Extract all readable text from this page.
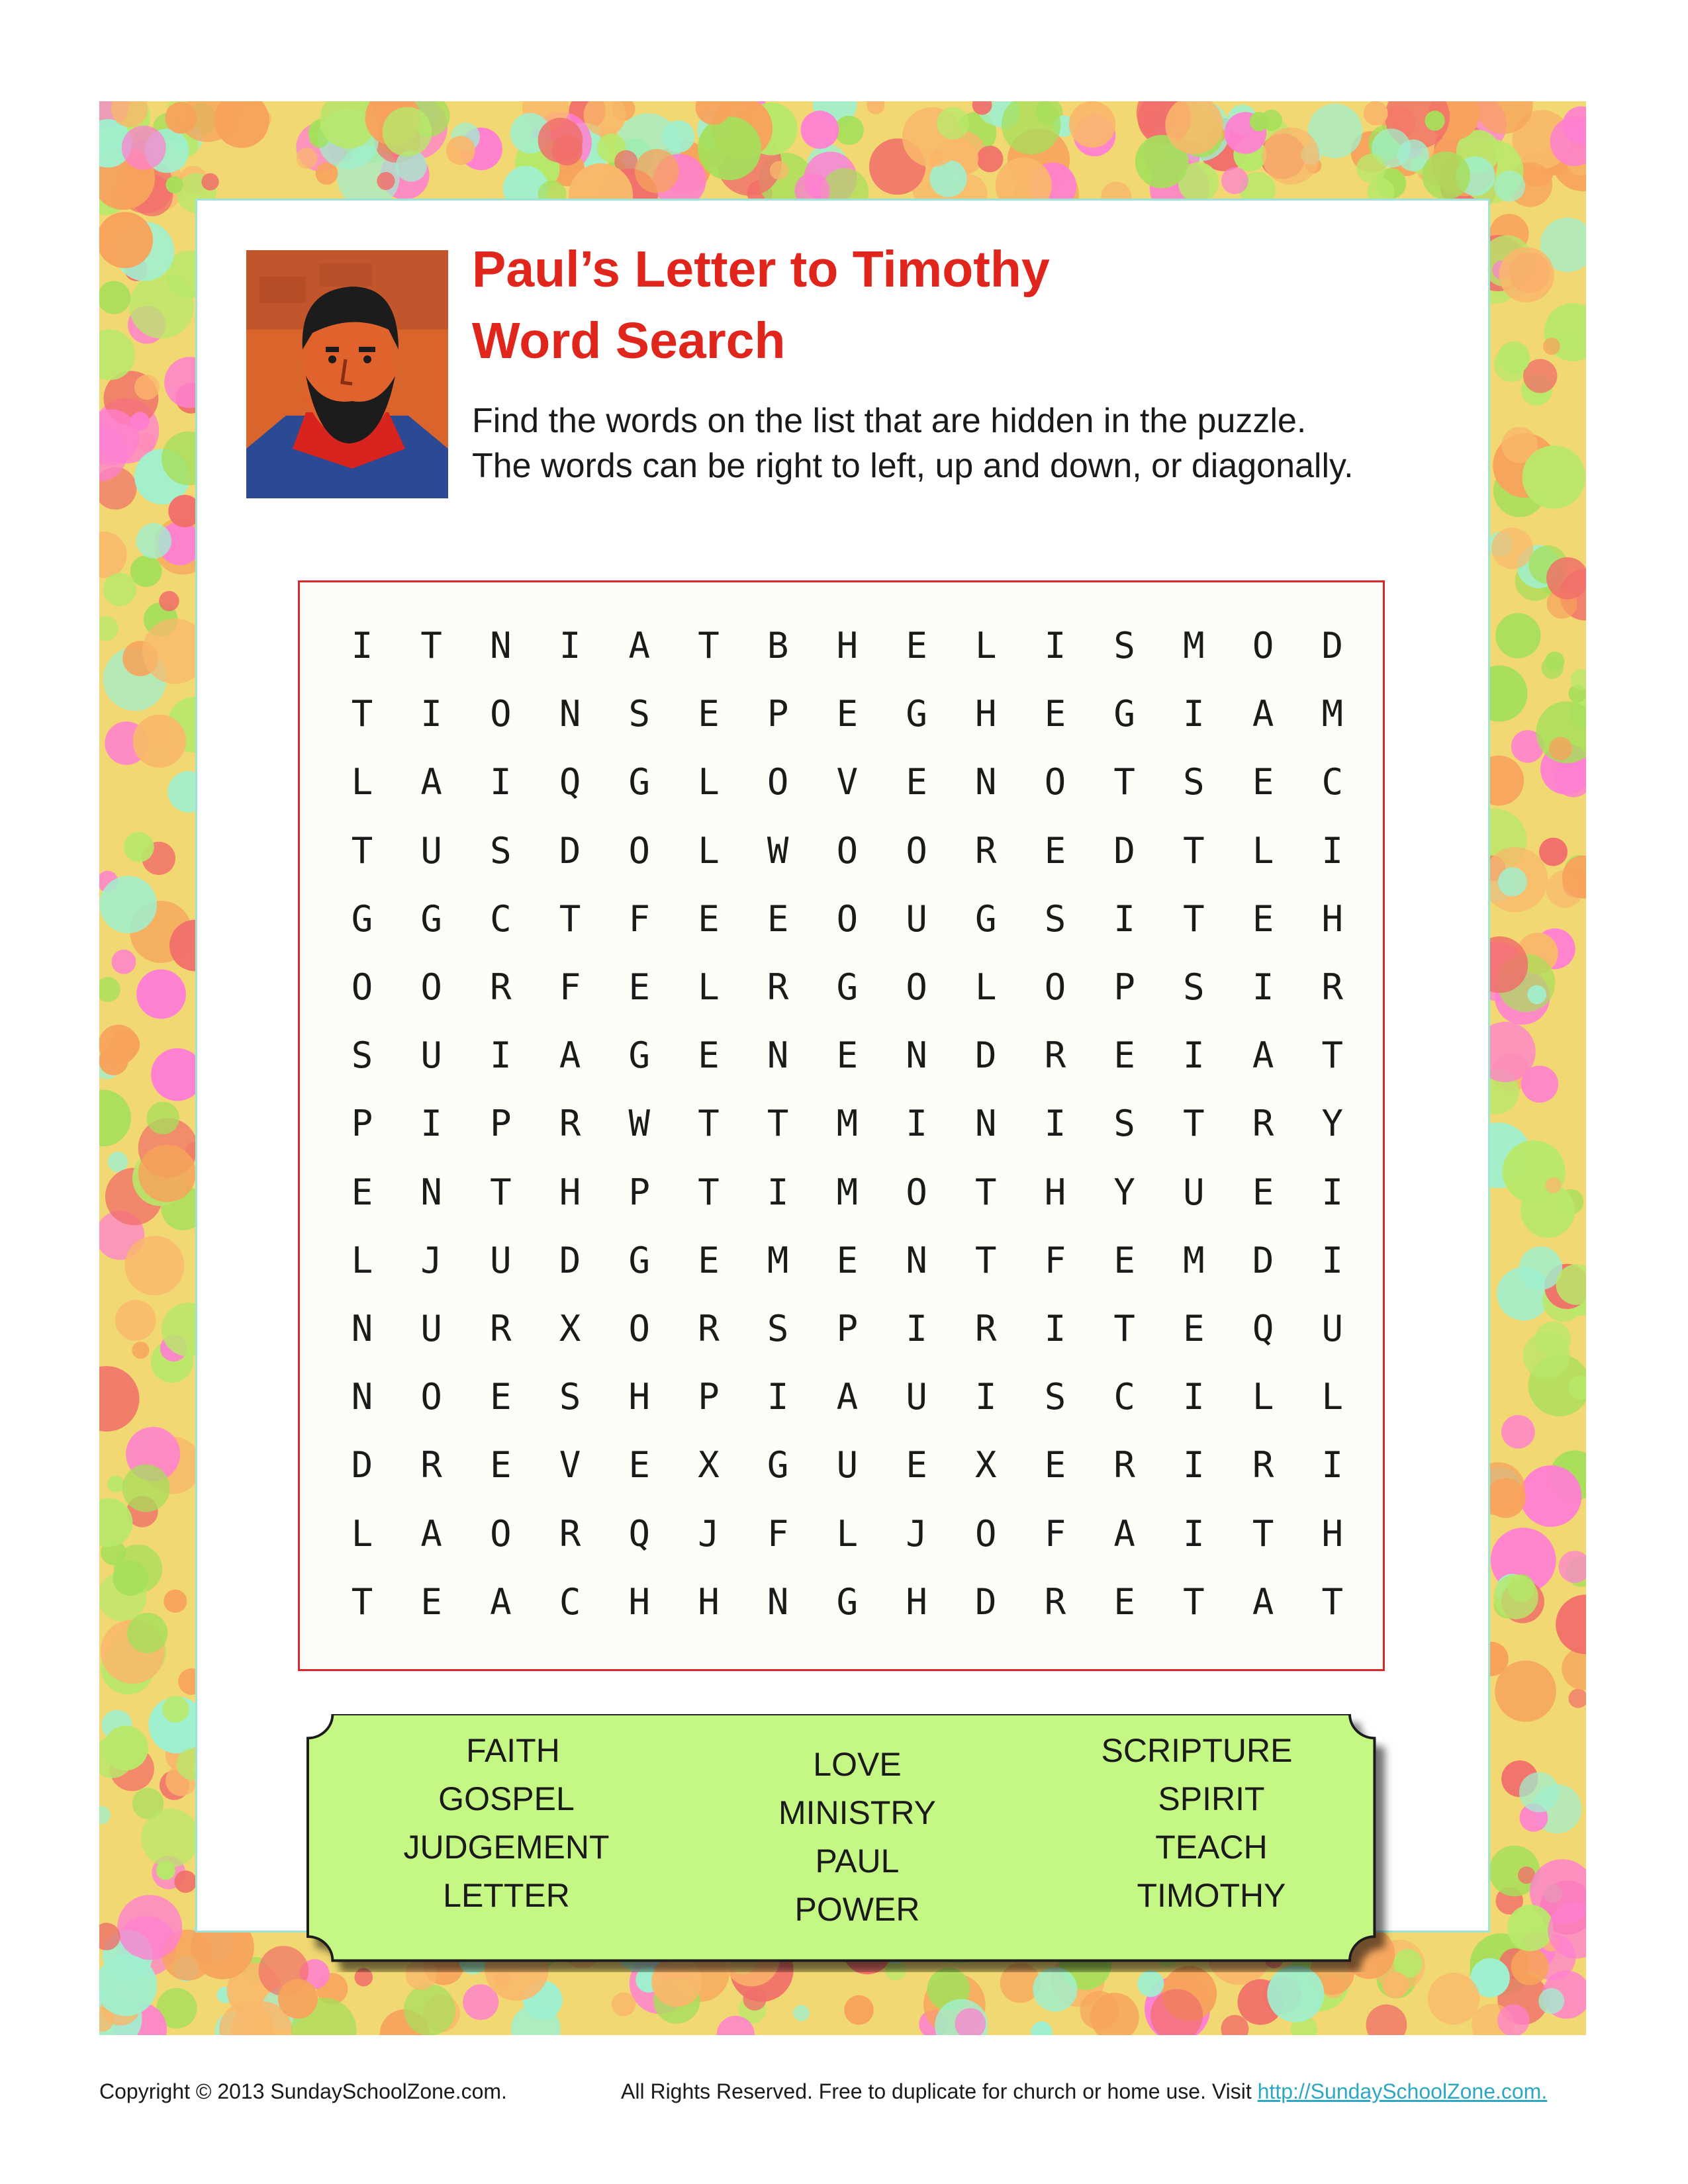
Paul’s Letter to Timothy
Word Search
Find the words on the list that are hidden in the puzzle.
The words can be right to left, up and down, or diagonally.
I T N I A T B H E L I S M O D
T I O N S E P E G H E G I A M
L A I Q G L O V E N O T S E C
T U S D O L W O O R E D T L I
G G C T F E E O U G S I T E H
O O R F E L R G O L O P S I R
S U I A G E N E N D R E I A T
P I P R W T T M I N I S T R Y
E N T H P T I M O T H Y U E I
L J U D G E M E N T F E M D I
N U R X O R S P I R I T E Q U
N O E S H P I A U I S C I L L
D R E V E X G U E X E R I R I
L A O R Q J F L J O F A I T H
T E A C H H N G H D R E T A T
FAITH
GOSPEL
JUDGEMENT
LETTER
LOVE
MINISTRY
PAUL
POWER
SCRIPTURE
SPIRIT
TEACH
TIMOTHY
Copyright © 2013 SundaySchoolZone.com.	All Rights Reserved. Free to duplicate for church or home use. Visit http://SundaySchoolZone.com.
